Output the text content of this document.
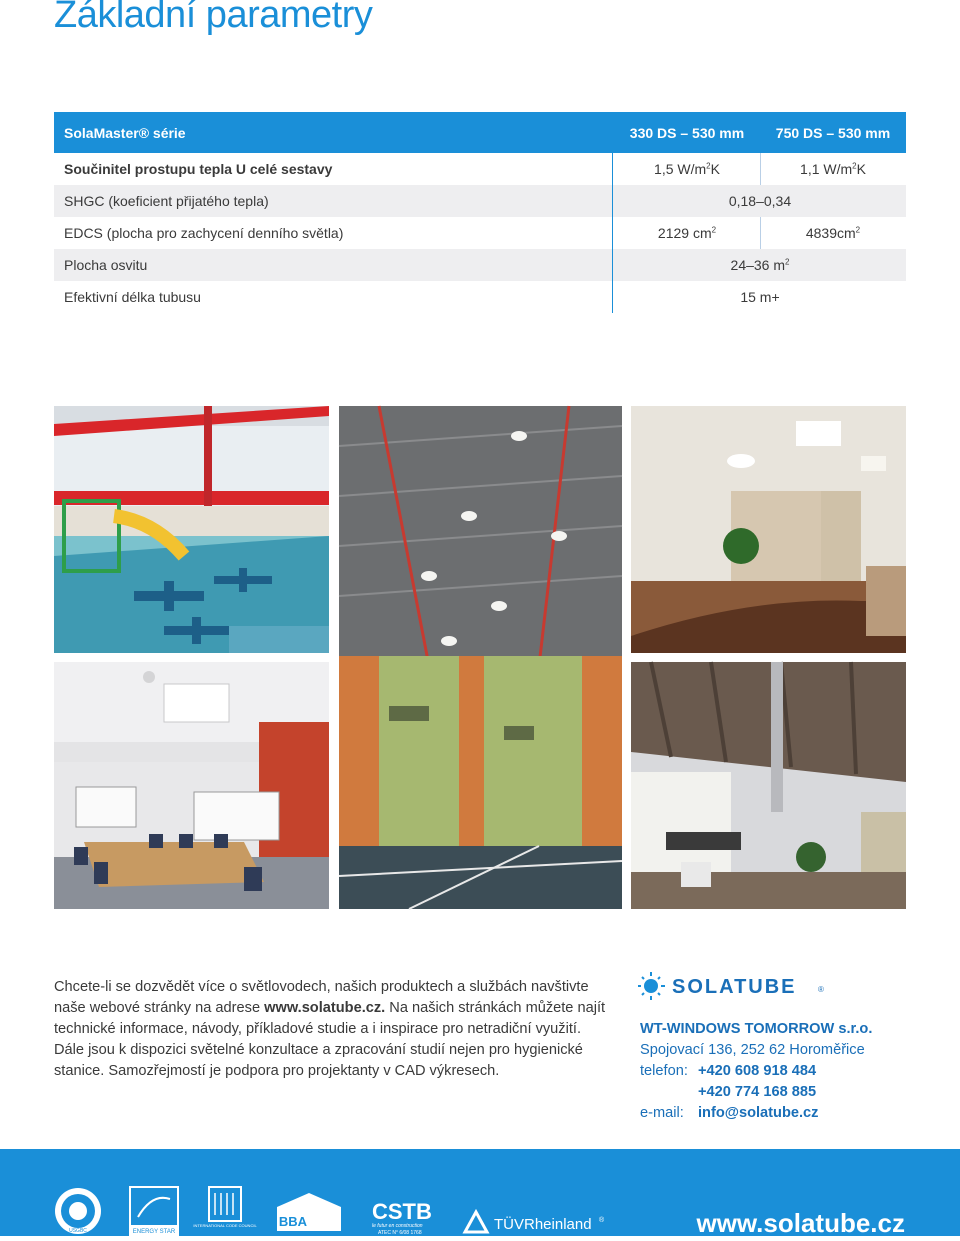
Základní parametry
SolaMaster® série	330 DS – 530 mm	750 DS – 530 mm
Součinitel prostupu tepla U celé sestavy	1,5 $W/m^2K$	1,1 $W/m^2K$
SHGC (koeficient přijatého tepla)	0,18–0,34
EDCS (plocha pro zachycení denního světla)	2129 $cm^2$	$4839cm^2$
Plocha osvitu	24–36 $m^2$
Efektivní délka tubusu	15 m+
Chcete-li se dozvědět více o světlovodech, našich produktech a službách navštivte naše webové stránky na adrese www.solatube.cz. Na našich stránkách můžete najít technické informace, návody, příkladové studie a i inspirace pro netradiční využití. Dále jsou k dispozici světelné konzultace a zpracování studií nejen pro hygienické stanice. Samozřejmostí je podpora pro projektanty v CAD výkresech.
SOLATUBE	®
WT-WINDOWS TOMORROW s.r.o.
Spojovací 136, 252 62 Horoměřice
telefon: +420 608 918 484
+420 774 168 885
e-mail: info@solatube.cz
USGBC	ENERGY STAR
INTERNATIONAL CODE COUNCIL BBA	CSTB
le futur en construction
ATEC N° 6/08 1768	TÜVRheinland ®	www.solatube.cz
